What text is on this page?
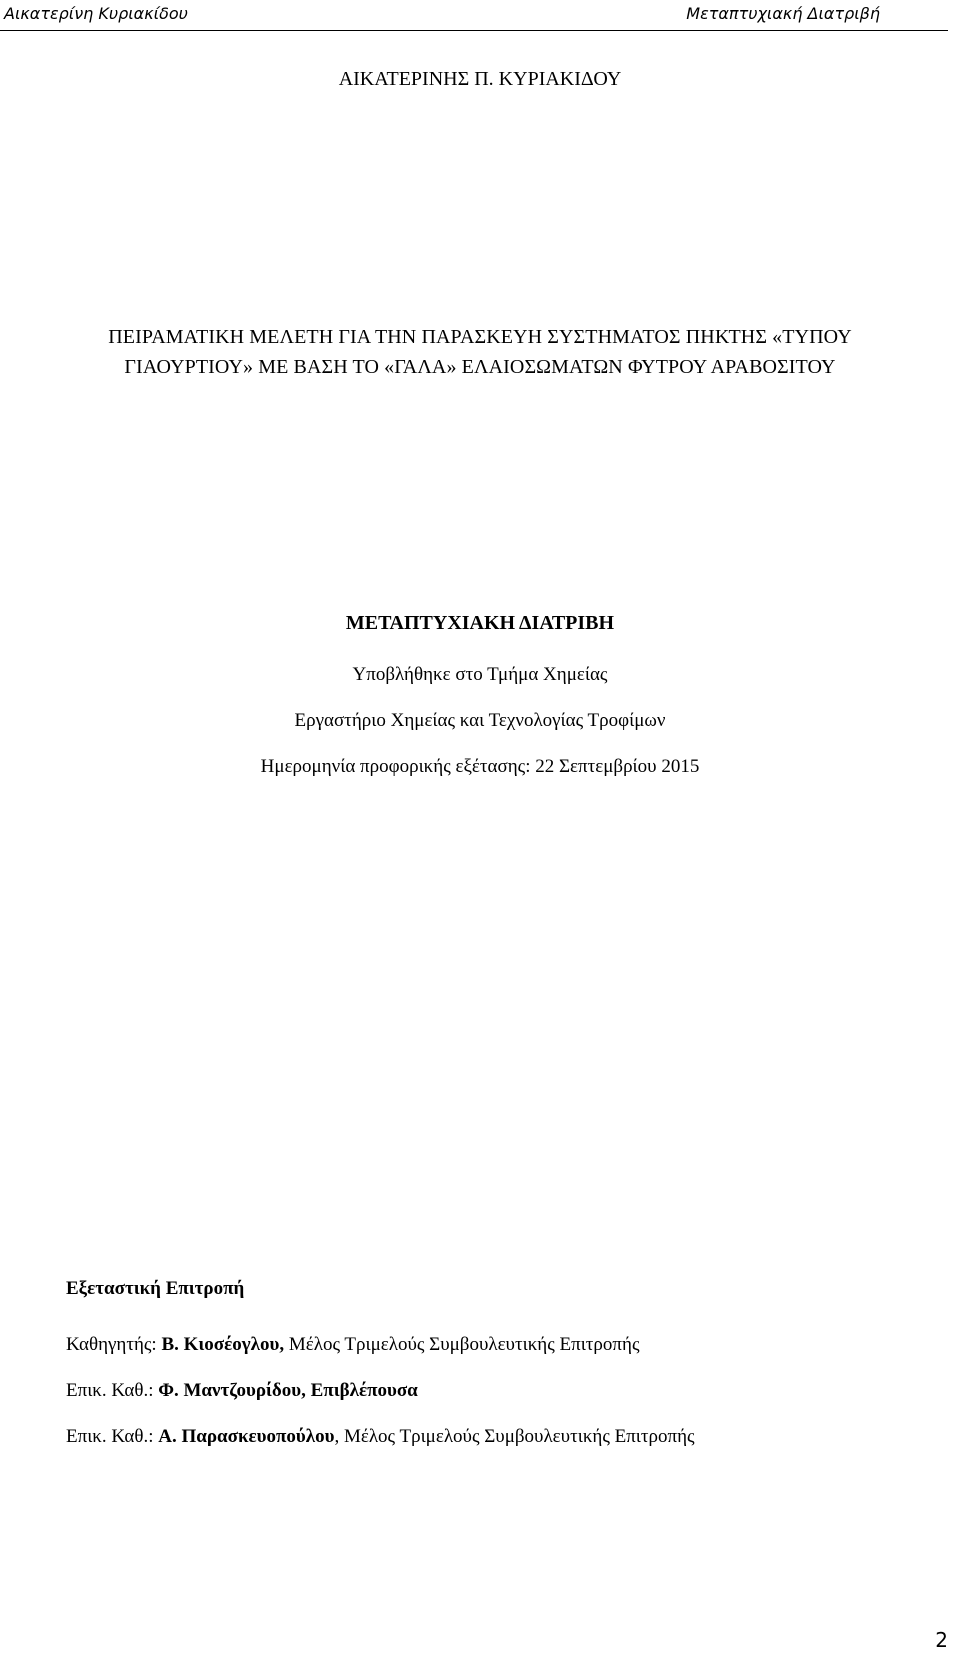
Αικατερίνη Κυριακίδου	Μεταπτυχιακή Διατριβή
ΑΙΚΑΤΕΡΙΝΗΣ Π. ΚΥΡΙΑΚΙΔΟΥ
ΠΕΙΡΑΜΑΤΙΚΗ ΜΕΛΕΤΗ ΓΙΑ ΤΗΝ ΠΑΡΑΣΚΕΥΗ ΣΥΣΤΗΜΑΤΟΣ ΠΗΚΤΗΣ «ΤΥΠΟΥ
ΓΙΑΟΥΡΤΙΟΥ» ΜΕ ΒΑΣΗ ΤΟ «ΓΑΛΑ» ΕΛΑΙΟΣΩΜΑΤΩΝ ΦΥΤΡΟΥ ΑΡΑΒΟΣΙΤΟΥ
ΜΕΤΑΠΤΥΧΙΑΚΗ ΔΙΑΤΡΙΒΗ
Υποβλήθηκε στο Τμήμα Χημείας
Εργαστήριο Χημείας και Τεχνολογίας Τροφίμων
Ημερομηνία προφορικής εξέτασης: 22 Σεπτεμβρίου 2015
Εξεταστική Επιτροπή
Καθηγητής: Β. Κιοσέογλου, Μέλος Τριμελούς Συμβουλευτικής Επιτροπής
Επικ. Καθ.: Φ. Μαντζουρίδου, Επιβλέπουσα
Επικ. Καθ.: Α. Παρασκευοπούλου, Μέλος Τριμελούς Συμβουλευτικής Επιτροπής
2
